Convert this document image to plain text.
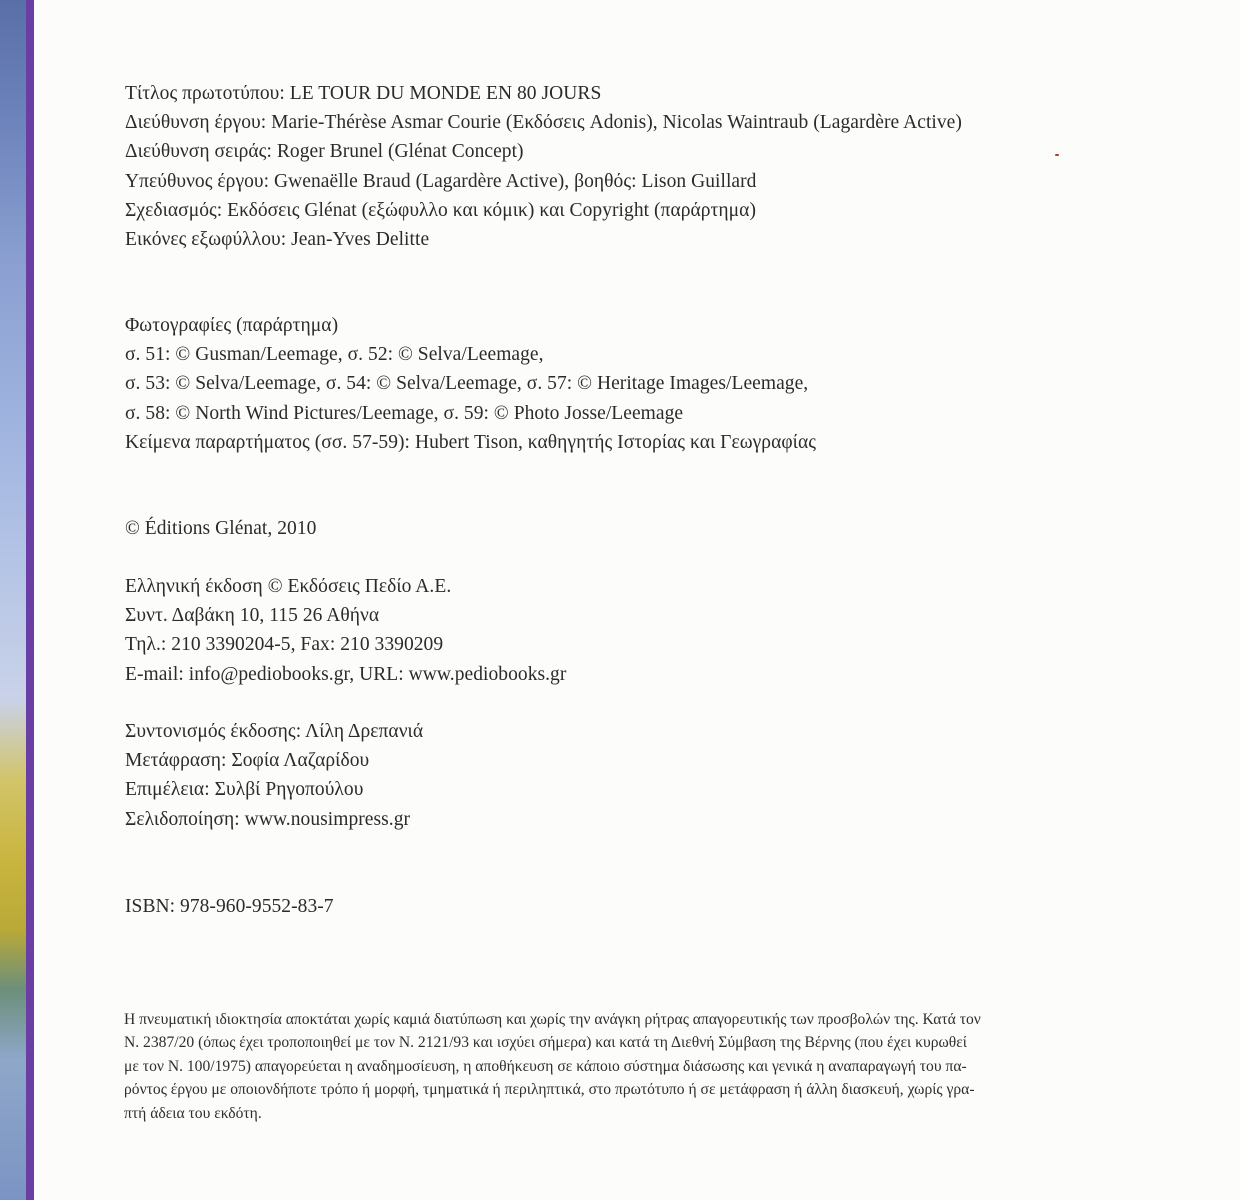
Τίτλος πρωτοτύπου: LE TOUR DU MONDE EN 80 JOURS
Διεύθυνση έργου: Marie-Thérèse Asmar Courie (Εκδόσεις Adonis), Nicolas Waintraub (Lagardère Active)
Διεύθυνση σειράς: Roger Brunel (Glénat Concept)
Υπεύθυνος έργου: Gwenaëlle Braud (Lagardère Active), βοηθός: Lison Guillard
Σχεδιασμός: Εκδόσεις Glénat (εξώφυλλο και κόμικ) και Copyright (παράρτημα)
Εικόνες εξωφύλλου: Jean-Yves Delitte
Φωτογραφίες (παράρτημα)
σ. 51: © Gusman/Leemage, σ. 52: © Selva/Leemage,
σ. 53: © Selva/Leemage, σ. 54: © Selva/Leemage, σ. 57: © Heritage Images/Leemage,
σ. 58: © North Wind Pictures/Leemage, σ. 59: © Photo Josse/Leemage
Κείμενα παραρτήματος (σσ. 57-59): Hubert Tison, καθηγητής Ιστορίας και Γεωγραφίας
© Éditions Glénat, 2010
Ελληνική έκδοση © Εκδόσεις Πεδίο Α.Ε.
Συντ. Δαβάκη 10, 115 26 Αθήνα
Τηλ.: 210 3390204-5, Fax: 210 3390209
E-mail: info@pediobooks.gr, URL: www.pediobooks.gr
Συντονισμός έκδοσης: Λίλη Δρεπανιά
Μετάφραση: Σοφία Λαζαρίδου
Επιμέλεια: Συλβί Ρηγοπούλου
Σελιδοποίηση: www.nousimpress.gr
ISBN: 978-960-9552-83-7
Η πνευματική ιδιοκτησία αποκτάται χωρίς καμιά διατύπωση και χωρίς την ανάγκη ρήτρας απαγορευτικής των προσβολών της. Κατά τον
Ν. 2387/20 (όπως έχει τροποποιηθεί με τον Ν. 2121/93 και ισχύει σήμερα) και κατά τη Διεθνή Σύμβαση της Βέρνης (που έχει κυρωθεί
με τον Ν. 100/1975) απαγορεύεται η αναδημοσίευση, η αποθήκευση σε κάποιο σύστημα διάσωσης και γενικά η αναπαραγωγή του πα-
ρόντος έργου με οποιονδήποτε τρόπο ή μορφή, τμηματικά ή περιληπτικά, στο πρωτότυπο ή σε μετάφραση ή άλλη διασκευή, χωρίς γρα-
πτή άδεια του εκδότη.
